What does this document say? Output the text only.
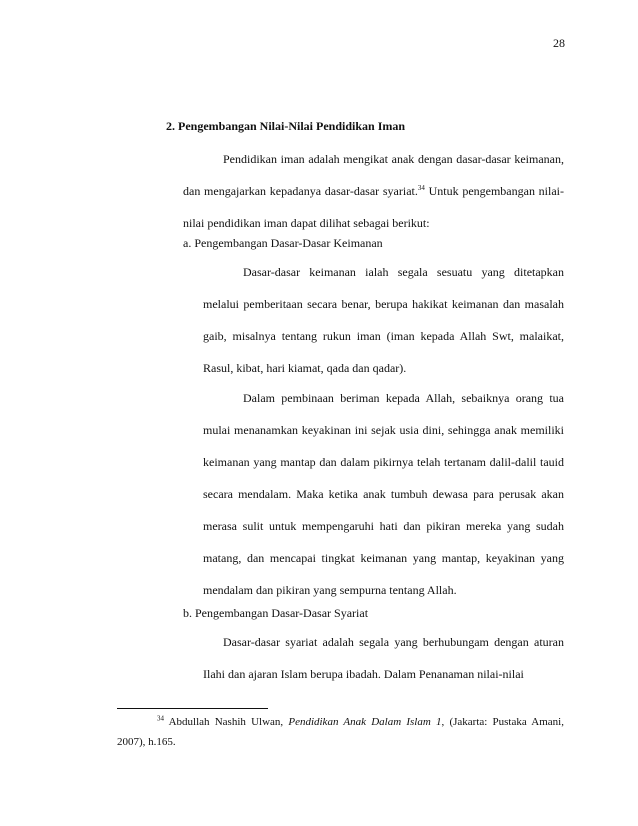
28
2. Pengembangan Nilai-Nilai Pendidikan Iman
Pendidikan iman adalah mengikat anak dengan dasar-dasar keimanan, dan mengajarkan kepadanya dasar-dasar syariat.$^{34}$ Untuk pengembangan nilai-nilai pendidikan iman dapat dilihat sebagai berikut:
a. Pengembangan Dasar-Dasar Keimanan
Dasar-dasar keimanan ialah segala sesuatu yang ditetapkan melalui pemberitaan secara benar, berupa hakikat keimanan dan masalah gaib, misalnya tentang rukun iman (iman kepada Allah Swt, malaikat, Rasul, kibat, hari kiamat, qada dan qadar).
Dalam pembinaan beriman kepada Allah, sebaiknya orang tua mulai menanamkan keyakinan ini sejak usia dini, sehingga anak memiliki keimanan yang mantap dan dalam pikirnya telah tertanam dalil-dalil tauid secara mendalam. Maka ketika anak tumbuh dewasa para perusak akan merasa sulit untuk mempengaruhi hati dan pikiran mereka yang sudah matang, dan mencapai tingkat keimanan yang mantap, keyakinan yang mendalam dan pikiran yang sempurna tentang Allah.
b. Pengembangan Dasar-Dasar Syariat
Dasar-dasar syariat adalah segala yang berhubungam dengan aturan Ilahi dan ajaran Islam berupa ibadah. Dalam Penanaman nilai-nilai
$^{34}$ Abdullah Nashih Ulwan, Pendidikan Anak Dalam Islam 1, (Jakarta: Pustaka Amani, 2007), h.165.
